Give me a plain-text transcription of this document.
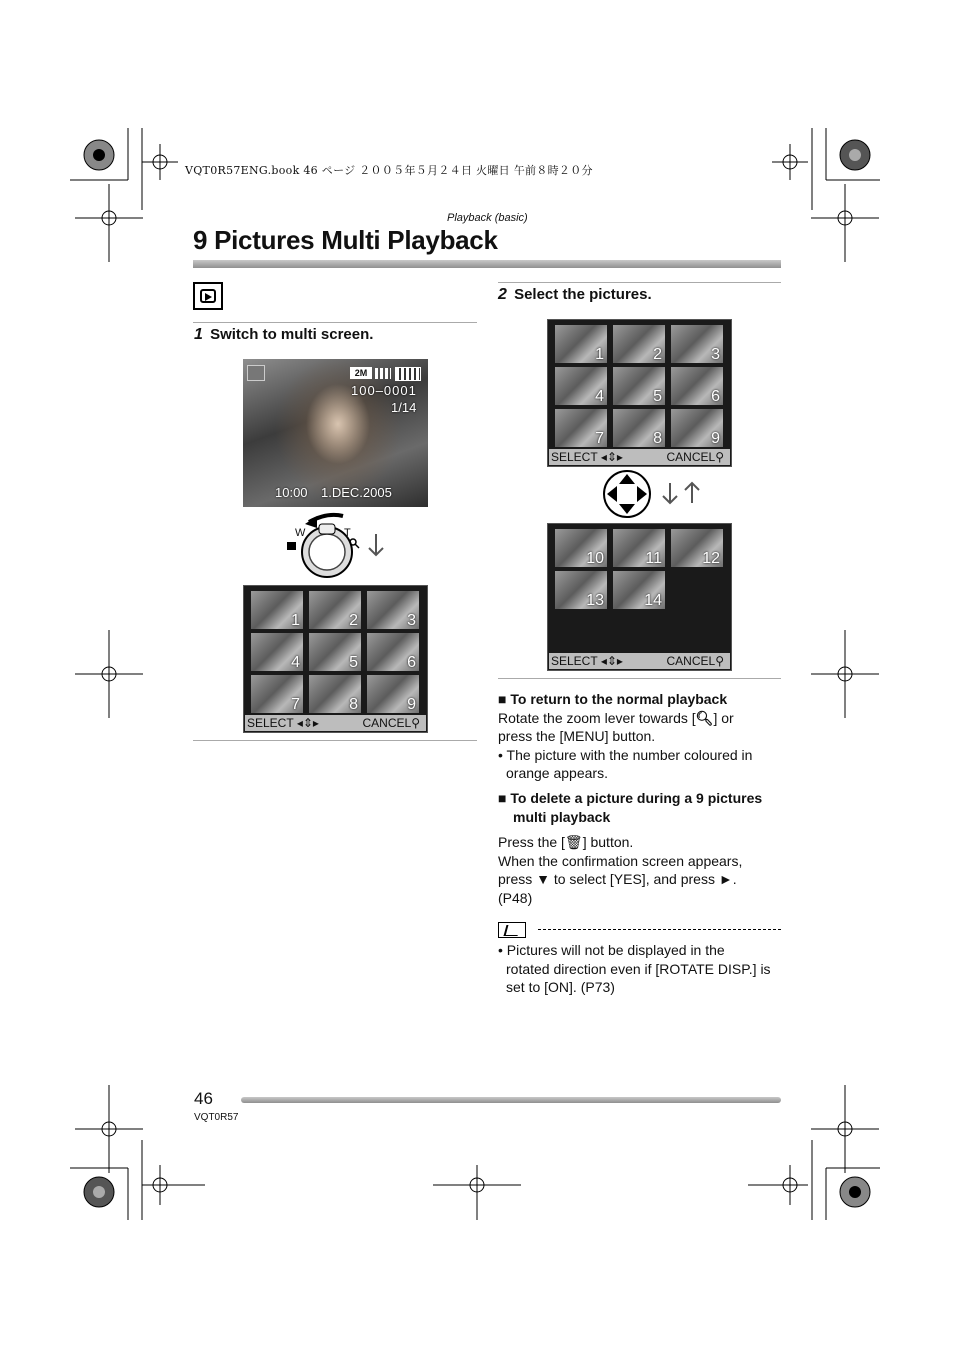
VQT0R57ENG.book 46 ページ ２００５年５月２４日 火曜日 午前８時２０分
Playback (basic)
9 Pictures Multi Playback
1 Switch to multi screen.
2M
100–0001
1/14
10:00 1.DEC.2005
W	T
1	2	3
4	5	6
7	8	9
SELECT ◂⇕▸	CANCEL⚲
2 Select the pictures.
1	2	3
4	5	6
7	8	9
SELECT ◂⇕▸	CANCEL⚲
10	11	12
13	14
SELECT ◂⇕▸	CANCEL⚲
■ To return to the normal playback
Rotate the zoom lever towards [🔍︎] or
press the [MENU] button.
• The picture with the number coloured in
orange appears.
■ To delete a picture during a 9 pictures
multi playback
Press the [🗑︎] button.
When the confirmation screen appears,
press ▼ to select [YES], and press ►.
(P48)
• Pictures will not be displayed in the
rotated direction even if [ROTATE DISP.] is
set to [ON]. (P73)
46
VQT0R57
